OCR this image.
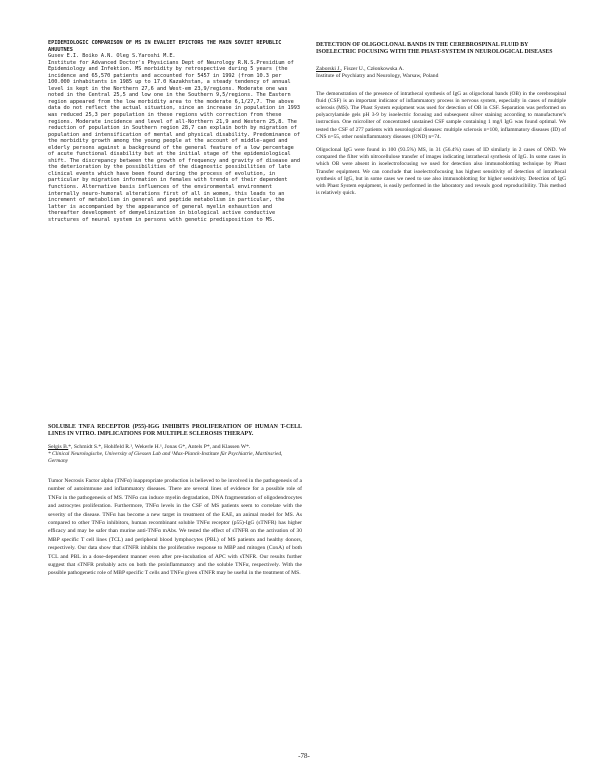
EPIDEMIOLOGIC COMPARISON OF MS IN EVALIET EPICTORS THE MAIN SOVIET REPUBLIC AHUUTNES

Gusev E.I. Boiko A.N. Oleg S.Yaroshi M.E.

Institute for Advanced Doctor's Physicians Dept of Neurology R.N.S.Presidium of Epidemiology and Infektion. MS morbidity by retrospective during 5 years (the incidence and 65,570 patients and accounted for 5457 in 1992 (from 10.3 per 100.000 inhabitants in 1985 up to 17.0 Kazakhstan, a steady tendency of annual level is kept in the Northern 27,6 and West-em 23,9/regions. Moderate one was noted in the Central 25,5 and low one in the Southern 9,5/regions. The Eastern region appeared from the low morbidity area to the moderate 6,1/27,7. The above data do not reflect the actual situation, since an increase in population in 1993 was reduced 25,3 per population in these regions with correction from these regions. Moderate incidence and level of all-Northern 21,9 and Western 25,8. The reduction of population in Southern region 28,7 can explain both by migration of population and intensification of mental and physical disability. Predominance of the morbidity growth among the young people at the account of middle-aged and elderly persons against a background of the general feature of a low percentage of acute functional disability but at the initial stage of the epidemiological shift. The discrepancy between the growth of frequency and gravity of disease and the deterioration by the possibilities of the diagnostic possibilities of late clinical events which have been found during the process of evolution, in particular by migration information in females with trends of their dependent functions. Alternative basis influences of the environmental environment internally neuro-humoral alterations first of all in women, this leads to an increment of metabolism in general and peptide metabolism in particular, the latter is accompanied by the appearance of general myelin exhaustion and thereafter development of demyelinization in biological active conductive structures of neural system in persons with genetic predisposition to MS.

DETECTION OF OLIGOCLONAL BANDS IN THE CEREBROSPINAL FLUID BY ISOELECTRIC FOCUSING WITH THE PHAST-SYSTEM IN NEUROLOGICAL DISEASES

Zaborski J., Fiszer U., Członkowska A.

Institute of Psychiatry and Neurology, Warsaw, Poland

The demonstration of the presence of intrathecal synthesis of IgG as oligoclonal bands (OB) in the cerebrospinal fluid (CSF) is an important indicator of inflammatory process in nervous system, especially in cases of multiple sclerosis (MS). The Phast System equipment was used for detection of OB in CSF. Separation was performed on polyacrylamide gels pH 3-9 by isoelectric focusing and subsequent silver staining according to manufacturer's instruction. One microliter of concentrated unstained CSF sample containing 1 mg/l IgG was found optimal. We tested the CSF of 277 patients with neurological diseases: multiple sclerosis n=100, inflammatory diseases (ID) of CNS n=55, other noninflammatory diseases (OND) n=74.

Oligoclonal IgG were found in 100 (93.5%) MS, in 31 (56.4%) cases of ID similarly in 2 cases of OND. We compared the filter with nitrocellulose transfer of images indicating intrathecal synthesis of IgG. In some cases in which OB were absent in isoelectrofocusing we used for detection also immunoblotting technique by Phast Transfer equipment. We can conclude that isoelectrofocusing has highest sensitivity of detection of intrathecal synthesis of IgG, but in some cases we need to use also immunoblotting for higher sensitivity. Detection of IgG with Phast System equipment, is easily performed in the laboratory and reveals good reproducibility. This method is relatively quick.

SOLUBLE TNFΑ RECEPTOR (P55)-IGG INHIBITS PROLIFERATION OF HUMAN T-CELL LINES IN VITRO. IMPLICATIONS FOR MULTIPLE SCLEROSIS THERAPY.

Selgis B.*, Schmidt S.*, Hohlfeld R.¹, Wekerle H.¹, Jonas G*, Antels P*, and Klassen W*.

* Clinical Neurologische, University of Giessen Lab and ¹Max-Planck-Institute für Psychiatrie, Martinsried, Germany

Tumor Necrosis Factor alpha (TNFα) inappropriate production is believed to be involved in the pathogenesis of a number of autoimmune and inflammatory diseases. There are several lines of evidence for a possible role of TNFα in the pathogenesis of MS. TNFα can induce myelin degradation, DNA fragmentation of oligodendrocytes and astrocytes proliferation. Furthermore, TNFα levels in the CSF of MS patients seem to correlate with the severity of the disease. TNFα has become a new target in treatment of the EAE, an animal model for MS. As compared to other TNFα inhibitors, human recombinant soluble TNFα receptor (p55)-IgG (sTNFR) has higher efficacy and may be safer than murine anti-TNFα mAbs. We tested the effect of sTNFR on the activation of 30 MBP specific T cell lines (TCL) and peripheral blood lymphocytes (PBL) of MS patients and healthy donors, respectively. Our data show that sTNFR inhibits the proliferative response to MBP and mitogen (ConA) of both TCL and PBL in a dose-dependent manner even after pre-incubation of APC with sTNFR. Our results further suggest that sTNFR probably acts on both the proinflammatory and the soluble TNFα, respectively. With the possible pathogenetic role of MBP specific T cells and TNFα given sTNFR may be useful in the treatment of MS.

-78-
